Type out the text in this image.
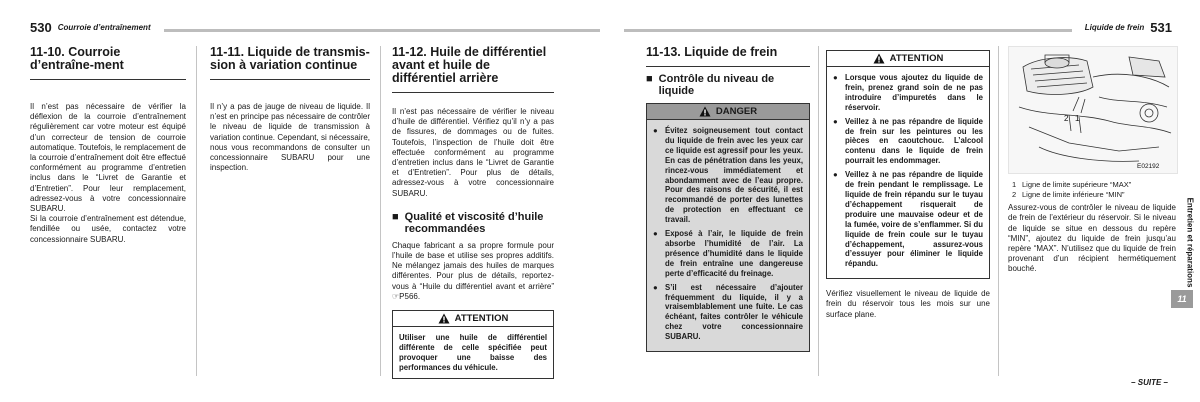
530 Courroie d’entraînement
11-10. Courroie d’entraîne-ment

Il n’est pas nécessaire de vérifier la déflexion de la courroie d’entraînement régulièrement car votre moteur est équipé d’un correcteur de tension de courroie automatique. Toutefois, le remplacement de la courroie d’entraînement doit être effectué conformément au programme d’entretien inclus dans le “Livret de Garantie et d’Entretien”. Pour leur remplacement, adressez-vous à votre concessionnaire SUBARU.

Si la courroie d’entraînement est détendue, fendillée ou usée, contactez votre concessionnaire SUBARU.

11-11. Liquide de transmis-sion à variation continue

Il n’y a pas de jauge de niveau de liquide. Il n’est en principe pas nécessaire de contrôler le niveau de liquide de transmission à variation continue. Cependant, si nécessaire, nous vous recommandons de consulter un concessionnaire SUBARU pour une inspection.

11-12. Huile de différentiel avant et huile de différentiel arrière

Il n’est pas nécessaire de vérifier le niveau d’huile de différentiel. Vérifiez qu’il n’y a pas de fissures, de dommages ou de fuites. Toutefois, l’inspection de l’huile doit être effectuée conformément au programme d’entretien inclus dans le “Livret de Garantie et d’Entretien”. Pour plus de détails, adressez-vous à votre concessionnaire SUBARU.

■ Qualité et viscosité d’huile recommandées

Chaque fabricant a sa propre formule pour l’huile de base et utilise ses propres additifs. Ne mélangez jamais des huiles de marques différentes. Pour plus de détails, reportez-vous à “Huile du différentiel avant et arrière” ☞P566.

ATTENTION
Utiliser une huile de différentiel différente de celle spécifiée peut provoquer une baisse des performances du véhicule.
Liquide de frein 531
11-13. Liquide de frein
■ Contrôle du niveau de liquide
DANGER
● Évitez soigneusement tout contact du liquide de frein avec les yeux car ce liquide est agressif pour les yeux. En cas de pénétration dans les yeux, rincez-vous immédiatement et abondamment avec de l’eau propre. Pour des raisons de sécurité, il est recommandé de porter des lunettes de protection en effectuant ce travail.
● Exposé à l’air, le liquide de frein absorbe l’humidité de l’air. La présence d’humidité dans le liquide de frein entraîne une dangereuse perte d’efficacité du freinage.
● S’il est nécessaire d’ajouter fréquemment du liquide, il y a vraisemblablement une fuite. Le cas échéant, faites contrôler le véhicule chez votre concessionnaire SUBARU.
ATTENTION
● Lorsque vous ajoutez du liquide de frein, prenez grand soin de ne pas introduire d’impuretés dans le réservoir.
● Veillez à ne pas répandre de liquide de frein sur les peintures ou les pièces en caoutchouc. L’alcool contenu dans le liquide de frein pourrait les endommager.
● Veillez à ne pas répandre de liquide de frein pendant le remplissage. Le liquide de frein répandu sur le tuyau d’échappement risquerait de produire une mauvaise odeur et de la fumée, voire de s’enflammer. Si du liquide de frein coule sur le tuyau d’échappement, assurez-vous d’essuyer pour éliminer le liquide répandu.

Vérifiez visuellement le niveau de liquide de frein du réservoir tous les mois sur une surface plane.

2 1
E02192
1 Ligne de limite supérieure “MAX”
2 Ligne de limite inférieure “MIN”

Assurez-vous de contrôler le niveau de liquide de frein de l’extérieur du réservoir. Si le niveau de liquide se situe en dessous du repère “MIN”, ajoutez du liquide de frein jusqu’au repère “MAX”. N’utilisez que du liquide de frein provenant d’un récipient hermétiquement bouché.	Entretien et réparations
11
– SUITE –
